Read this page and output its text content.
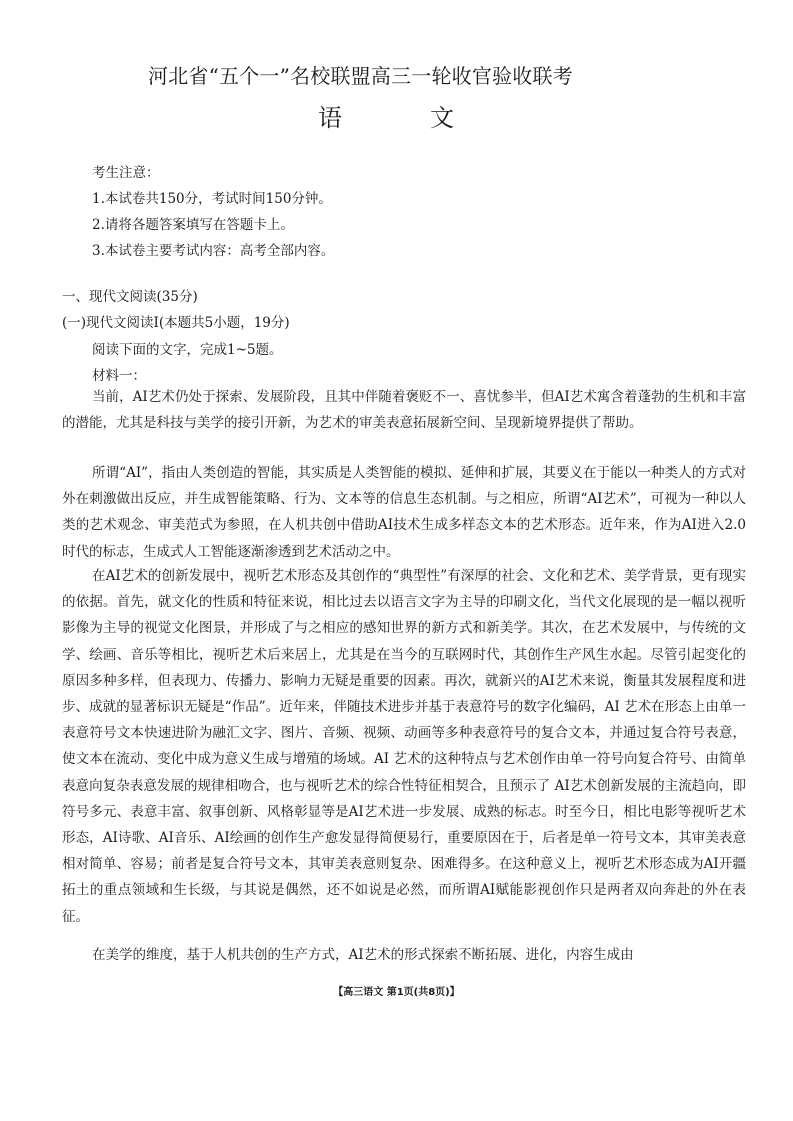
河北省“五个一”名校联盟高三一轮收官验收联考
语	文
考生注意：
1.本试卷共150分，考试时间150分钟。
2.请将各题答案填写在答题卡上。
3.本试卷主要考试内容：高考全部内容。
一、现代文阅读(35分)
(一)现代文阅读Ⅰ(本题共5小题，19分)
阅读下面的文字，完成1~5题。
材料一：
当前，AI艺术仍处于探索、发展阶段，且其中伴随着褒贬不一、喜忧参半，但AI艺术寓含着蓬勃的生机和丰富的潜能，尤其是科技与美学的接引开新，为艺术的审美表意拓展新空间、呈现新境界提供了帮助。
所谓“AI”，指由人类创造的智能，其实质是人类智能的模拟、延伸和扩展，其要义在于能以一种类人的方式对外在刺激做出反应，并生成智能策略、行为、文本等的信息生态机制。与之相应，所谓“AI艺术”，可视为一种以人类的艺术观念、审美范式为参照，在人机共创中借助AI技术生成多样态文本的艺术形态。近年来，作为AI进入2.0时代的标志，生成式人工智能逐渐渗透到艺术活动之中。
在AI艺术的创新发展中，视听艺术形态及其创作的“典型性”有深厚的社会、文化和艺术、美学背景，更有现实的依据。首先，就文化的性质和特征来说，相比过去以语言文字为主导的印刷文化，当代文化展现的是一幅以视听影像为主导的视觉文化图景，并形成了与之相应的感知世界的新方式和新美学。其次，在艺术发展中，与传统的文学、绘画、音乐等相比，视听艺术后来居上，尤其是在当今的互联网时代，其创作生产风生水起。尽管引起变化的原因多种多样，但表现力、传播力、影响力无疑是重要的因素。再次，就新兴的AI艺术来说，衡量其发展程度和进步、成就的显著标识无疑是“作品”。近年来，伴随技术进步并基于表意符号的数字化编码，AI 艺术在形态上由单一表意符号文本快速进阶为融汇文字、图片、音频、视频、动画等多种表意符号的复合文本，并通过复合符号表意，使文本在流动、变化中成为意义生成与增殖的场域。AI 艺术的这种特点与艺术创作由单一符号向复合符号、由简单表意向复杂表意发展的规律相吻合，也与视听艺术的综合性特征相契合，且预示了 AI艺术创新发展的主流趋向，即符号多元、表意丰富、叙事创新、风格彰显等是AI艺术进一步发展、成熟的标志。时至今日，相比电影等视听艺术形态，AI诗歌、AI音乐、AI绘画的创作生产愈发显得简便易行，重要原因在于，后者是单一符号文本，其审美表意相对简单、容易；前者是复合符号文本，其审美表意则复杂、困难得多。在这种意义上，视听艺术形态成为AI开疆拓土的重点领域和生长级，与其说是偶然，还不如说是必然，而所谓AI赋能影视创作只是两者双向奔赴的外在表征。
在美学的维度，基于人机共创的生产方式，AI艺术的形式探索不断拓展、进化，内容生成由
【高三语文 第1页(共8页)】
